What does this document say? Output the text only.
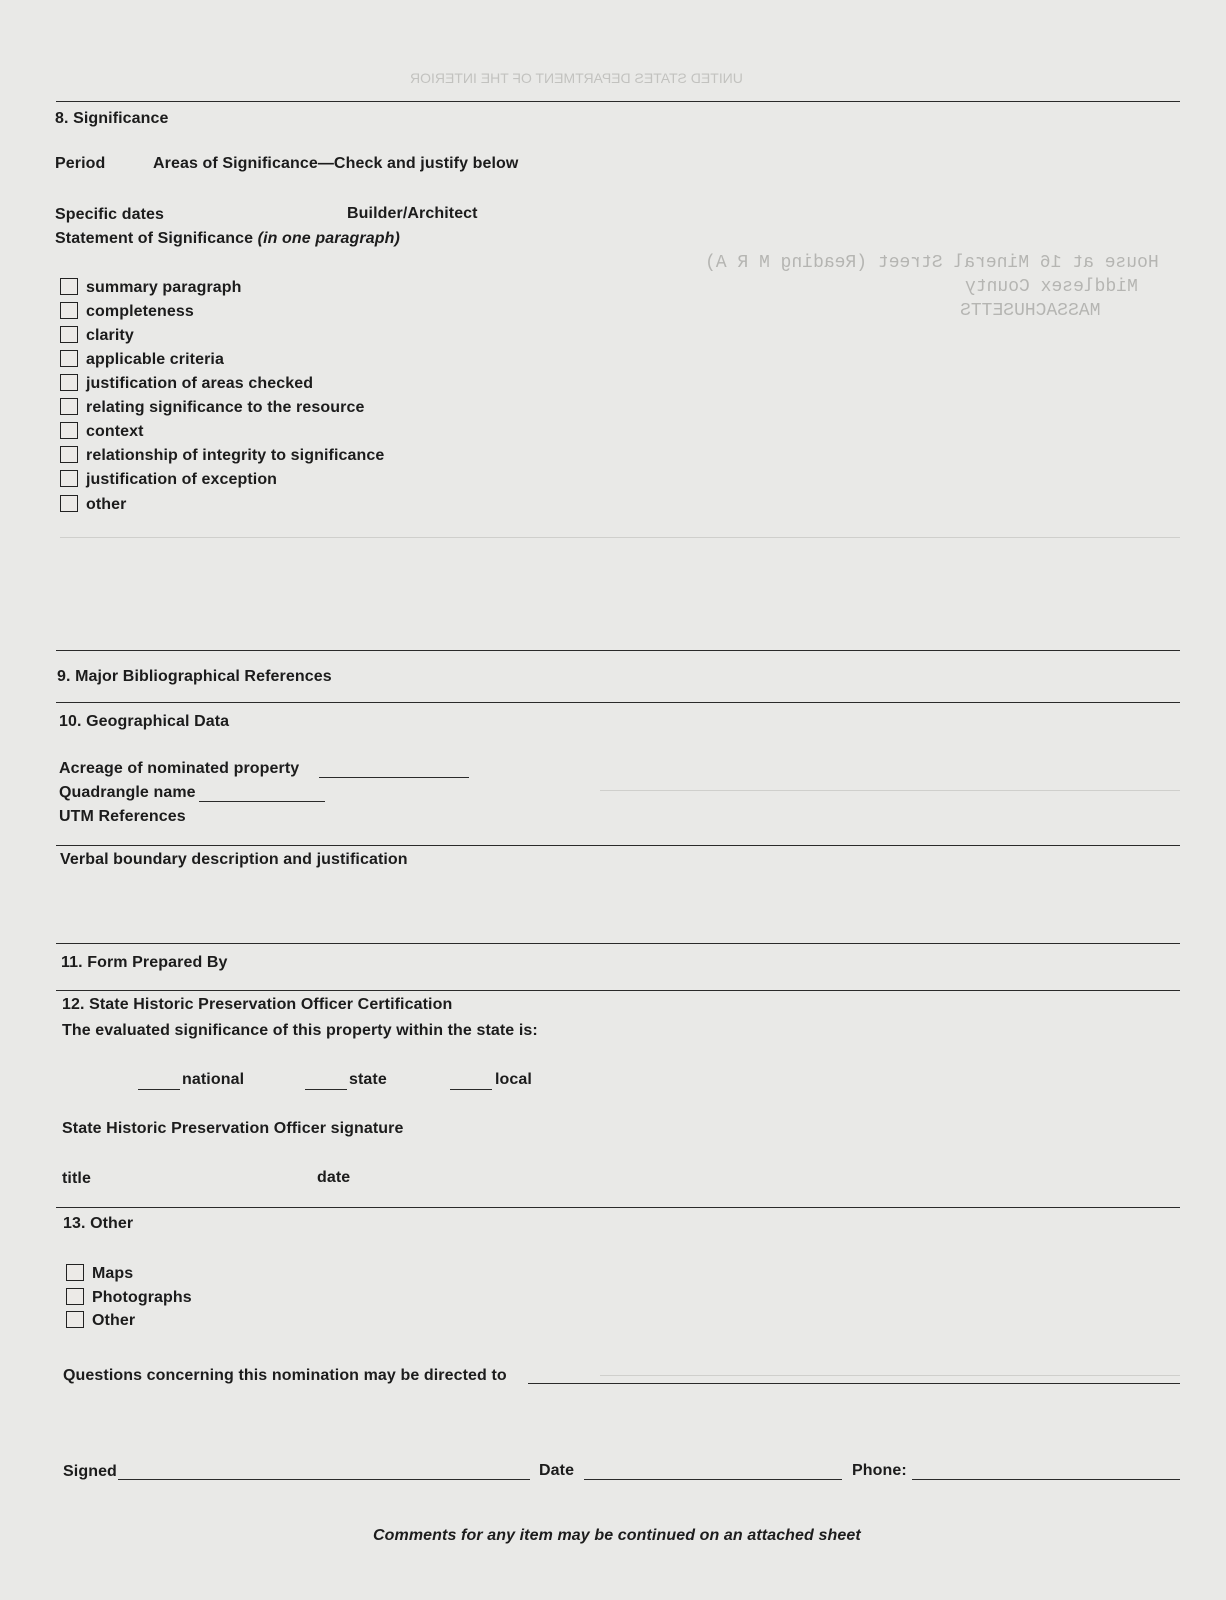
UNITED STATES DEPARTMENT OF THE INTERIOR
House at 16 Mineral Street (Reading M R A)
Middlesex County
MASSACHUSETTS
8. Significance
Period	Areas of Significance—Check and justify below
Specific dates	Builder/Architect
Statement of Significance (in one paragraph)
summary paragraph
completeness
clarity
applicable criteria
justification of areas checked
relating significance to the resource
context
relationship of integrity to significance
justification of exception
other
9. Major Bibliographical References
10. Geographical Data
Acreage of nominated property
Quadrangle name
UTM References
Verbal boundary description and justification
11. Form Prepared By
12. State Historic Preservation Officer Certification
The evaluated significance of this property within the state is:
national	state	local
State Historic Preservation Officer signature
title	date
13. Other
Maps
Photographs
Other
Questions concerning this nomination may be directed to
Signed	Date	Phone:
Comments for any item may be continued on an attached sheet
